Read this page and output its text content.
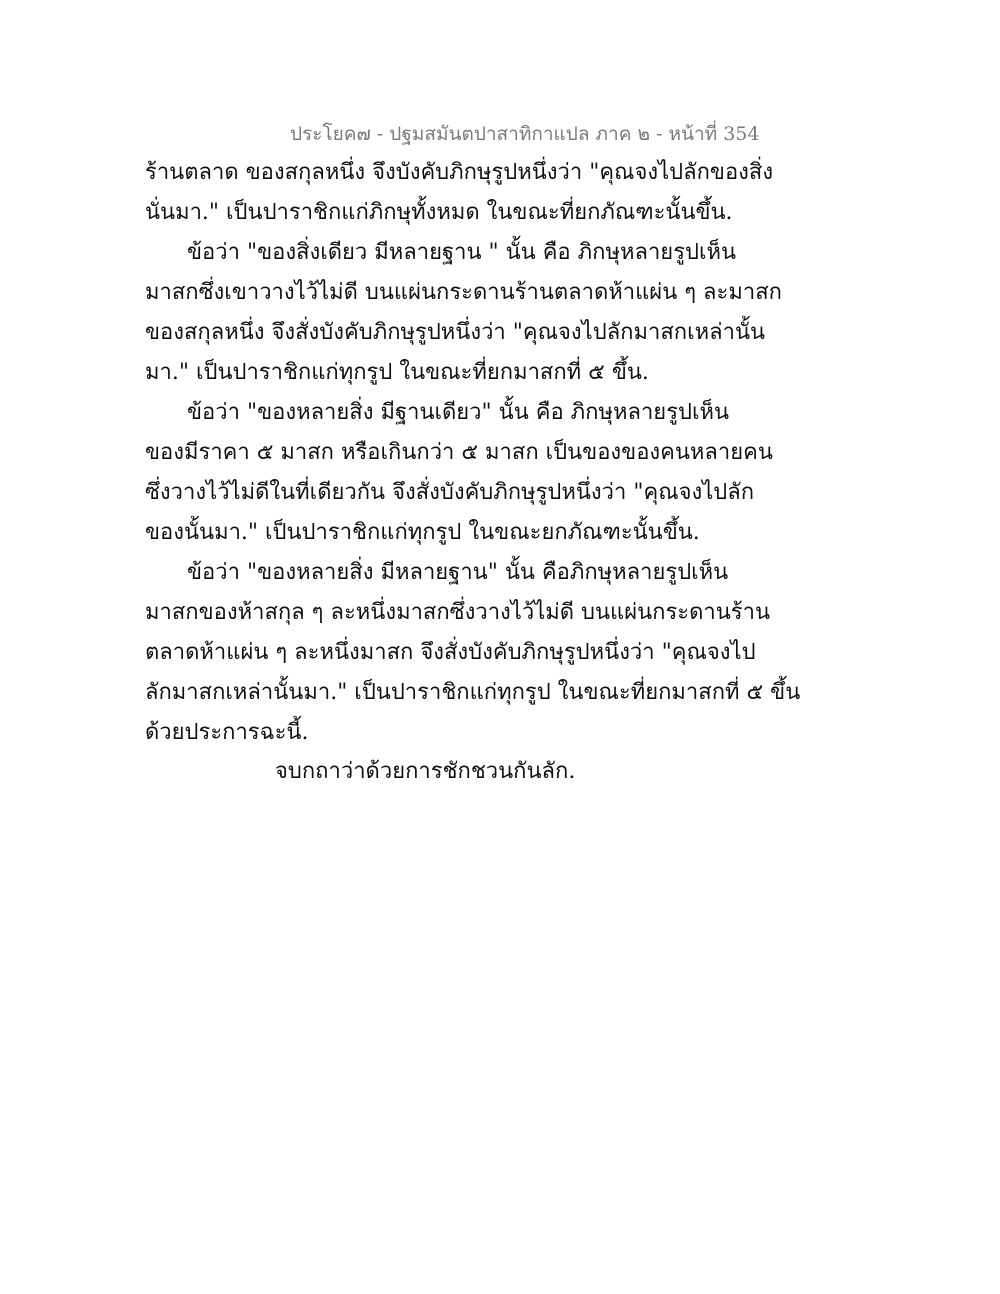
ประโยค๗ - ปฐมสมันตปาสาทิกาแปล ภาค ๒ - หน้าที่ 354
ร้านตลาด ของสกุลหนึ่ง จึงบังคับภิกษุรูปหนึ่งว่า "คุณจงไปลักของสิ่ง
นั่นมา." เป็นปาราชิกแก่ภิกษุทั้งหมด ในขณะที่ยกภัณฑะนั้นขึ้น.
ข้อว่า "ของสิ่งเดียว มีหลายฐาน " นั้น คือ ภิกษุหลายรูปเห็น
มาสกซึ่งเขาวางไว้ไม่ดี บนแผ่นกระดานร้านตลาดห้าแผ่น ๆ ละมาสก
ของสกุลหนึ่ง จึงสั่งบังคับภิกษุรูปหนึ่งว่า "คุณจงไปลักมาสกเหล่านั้น
มา." เป็นปาราชิกแก่ทุกรูป ในขณะที่ยกมาสกที่ ๕ ขึ้น.
ข้อว่า "ของหลายสิ่ง มีฐานเดียว" นั้น คือ ภิกษุหลายรูปเห็น
ของมีราคา ๕ มาสก หรือเกินกว่า ๕ มาสก เป็นของของคนหลายคน
ซึ่งวางไว้ไม่ดีในที่เดียวกัน จึงสั่งบังคับภิกษุรูปหนึ่งว่า "คุณจงไปลัก
ของนั้นมา." เป็นปาราชิกแก่ทุกรูป ในขณะยกภัณฑะนั้นขึ้น.
ข้อว่า "ของหลายสิ่ง มีหลายฐาน" นั้น คือภิกษุหลายรูปเห็น
มาสกของห้าสกุล ๆ ละหนึ่งมาสกซึ่งวางไว้ไม่ดี บนแผ่นกระดานร้าน
ตลาดห้าแผ่น ๆ ละหนึ่งมาสก จึงสั่งบังคับภิกษุรูปหนึ่งว่า "คุณจงไป
ลักมาสกเหล่านั้นมา." เป็นปาราชิกแก่ทุกรูป ในขณะที่ยกมาสกที่ ๕ ขึ้น
ด้วยประการฉะนี้.
จบกถาว่าด้วยการชักชวนกันลัก.
